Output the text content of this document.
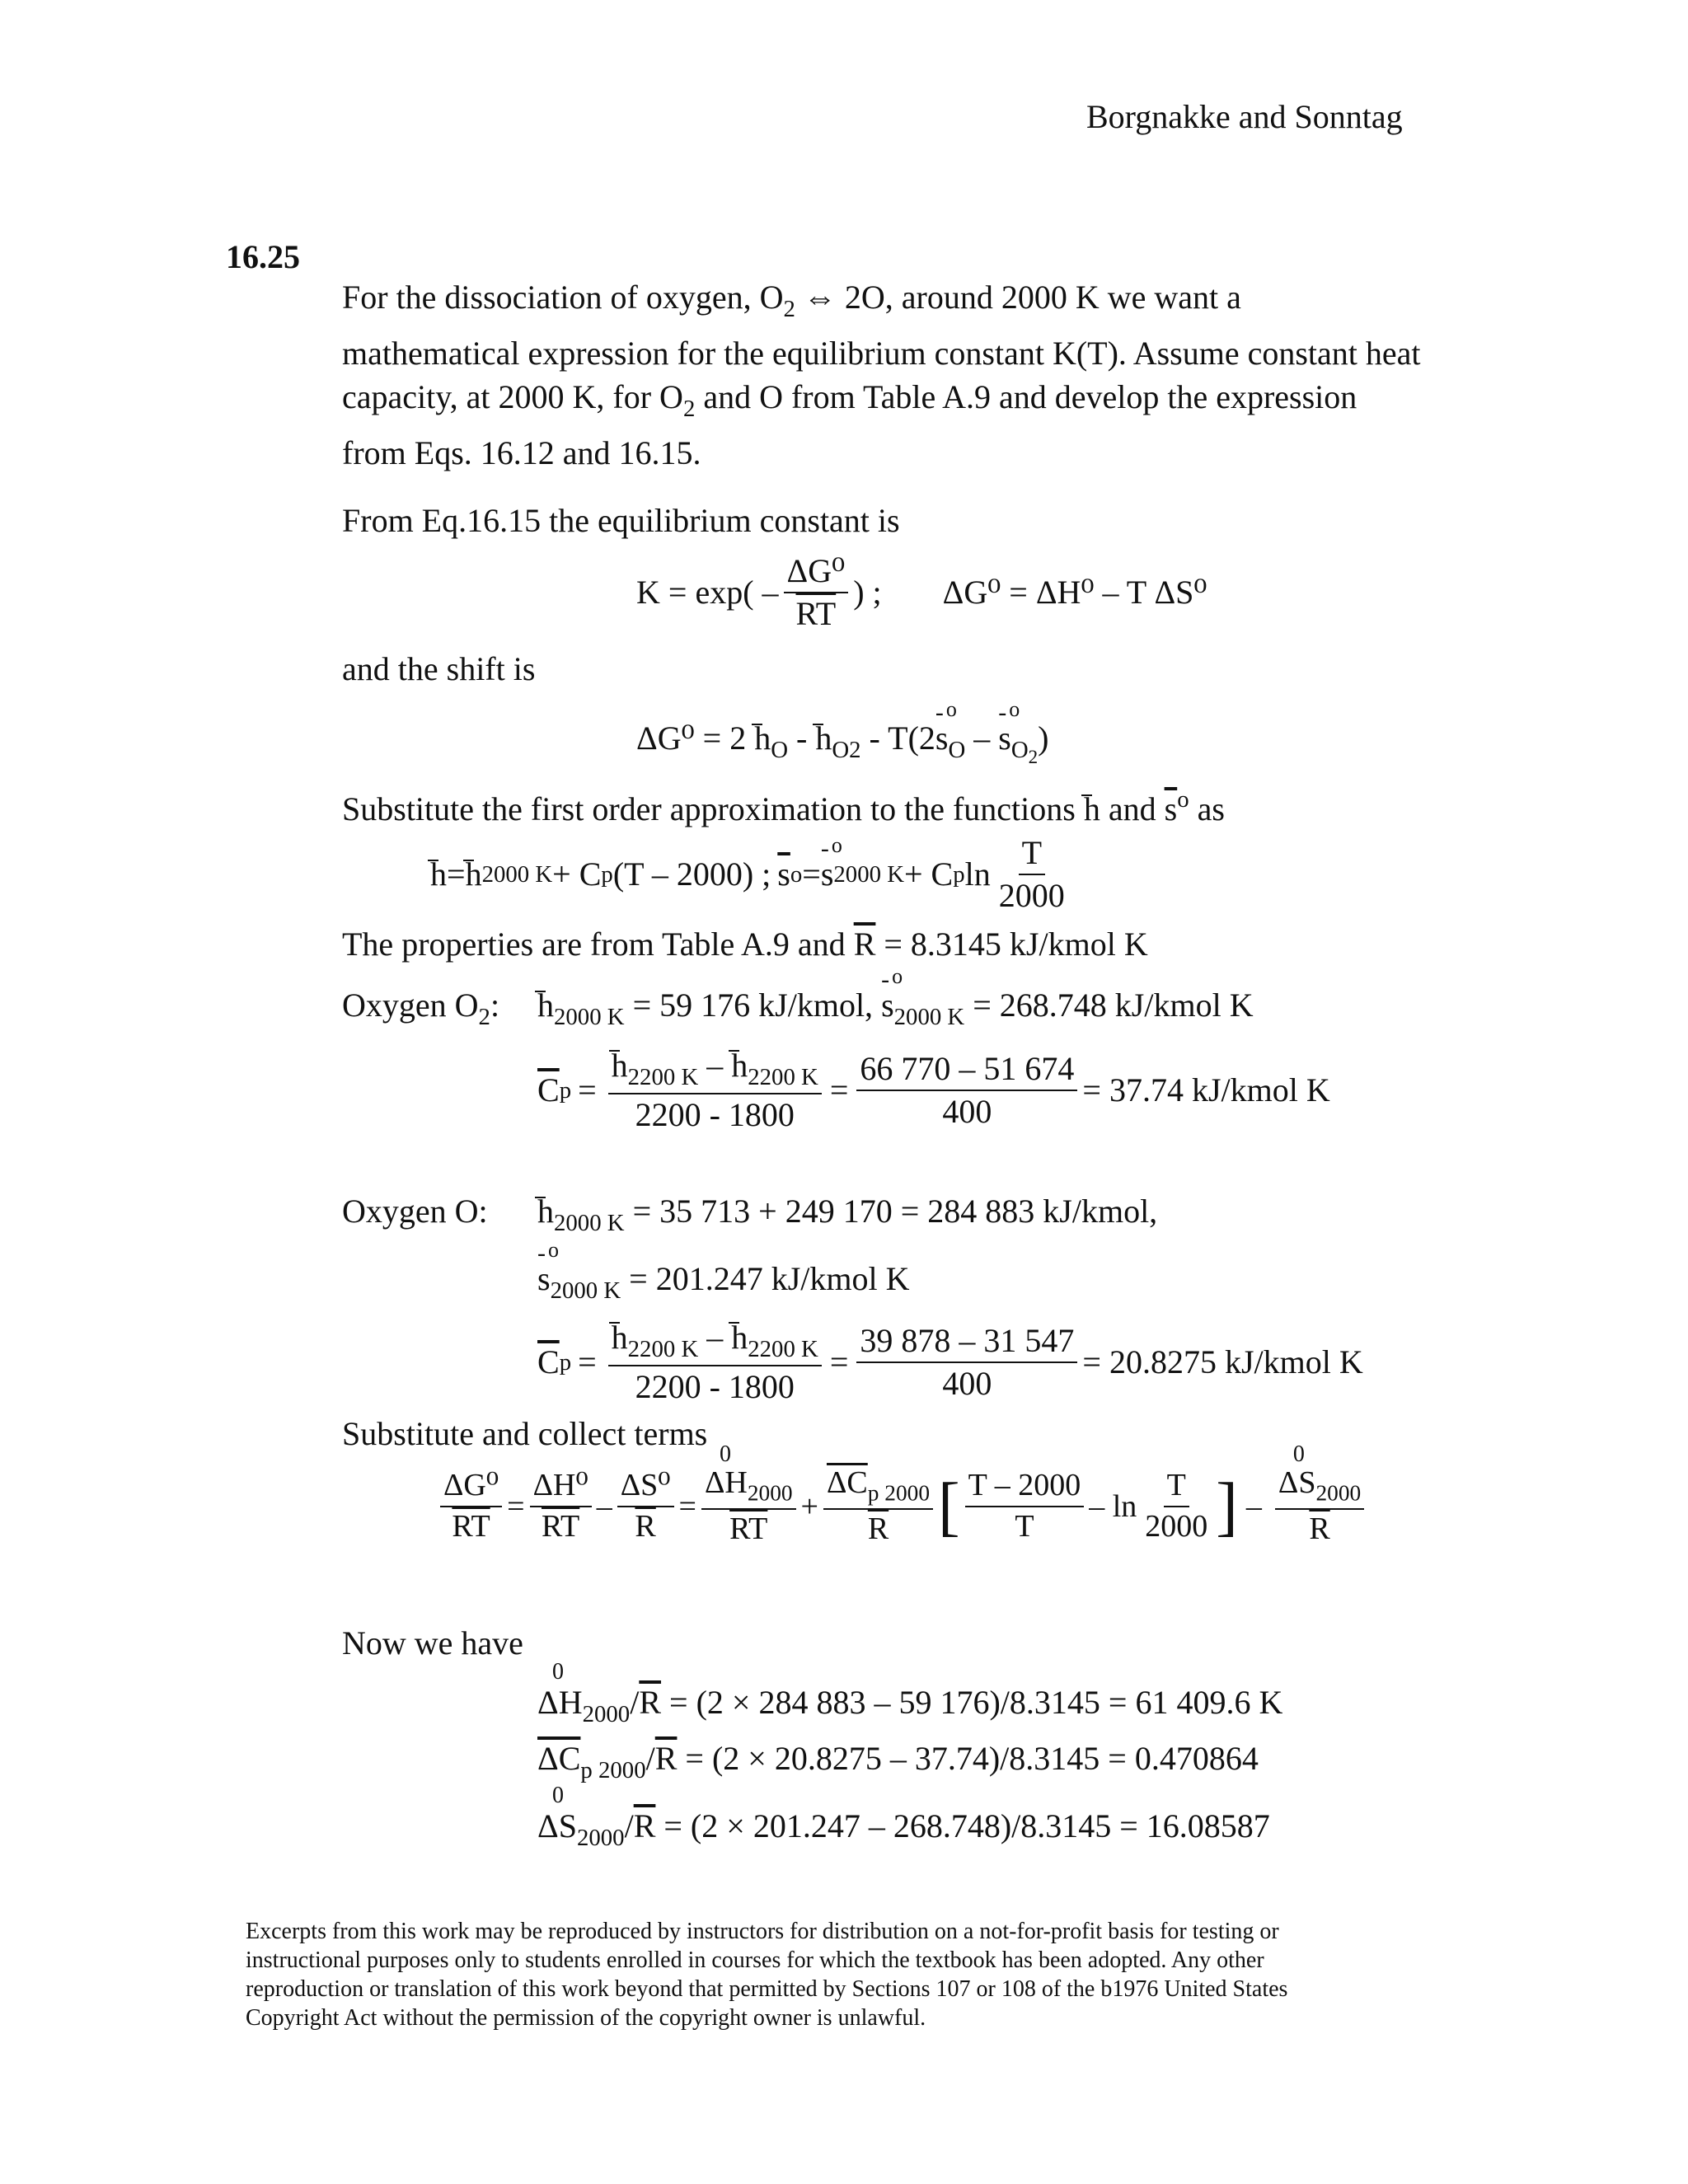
Borgnakke and Sonntag
16.25
For the dissociation of oxygen, $O_2$ ⇔ 2O, around 2000 K we want a
mathematical expression for the equilibrium constant K(T). Assume constant heat
capacity, at 2000 K, for $O_2$ and O from Table A.9 and develop the expression
from Eqs. 16.12 and 16.15.
From Eq.16.15 the equilibrium constant is
$K = \exp( - \frac{\text{ΔG⁰}}{RT}$ ) ; ΔG⁰ = ΔH⁰ – T ΔS⁰
and the shift is
ΔG⁰ = 2 $h_O - h_{O2} - T(2-$ s $o_O$ – - s $o_{O_2}$)
Substitute the first order approximation to the functions h and $\overline{s}^o$ as
h = h 2000 K + C p (T – 2000) ; $\overline{s}$ o = - s o 2000 K + C p $\ln \frac{T}{2000}$
The properties are from Table A.9 and $\overline{R} = 8.3145$ kJ/kmol K
Oxygen $O_2$: $h_{2000 K} = 59$ 176 kJ/kmol, - s $o_{2000 K} = 268.748$ kJ/kmol K
$\overline{C}$ $p = \frac{h_{2200 K} - h_{2200 K}}{2200 - 1800} = \frac{66 770 - 51 674}{400} = 37.74$ kJ/kmol K
Oxygen O: $h_{2000 K} = 35$ 713 + 249 170 = 284 883 kJ/kmol,
- s $o_{2000 K} = 201.247$ kJ/kmol K
$\overline{C}$ $p = \frac{h_{2200 K} - h_{2200 K}}{2200 - 1800} = \frac{39 878 - 31 547}{400} = 20.8275$ kJ/kmol K
Substitute and collect terms
$\frac{\text{ΔG⁰}}{RT} = \frac{\text{ΔH⁰}}{RT} - \frac{\text{ΔS⁰}}{R} = \Delta H$
0
$_{2000}$
RT + $\frac{\overline{\Delta C}_{p 2000}}{R}$ [ $\frac{T - 2000}{T}$ – $\ln \frac{T}{2000}$ ] – ΔS
0
$_{2000}$
R
Now we have
ΔH
0
$_{2000}/\overline{R} = (2 \times 284$ 883 – 59 176)/8.3145 = 61 409.6 K
$\overline{\Delta C}_{p 2000}/\overline{R} = (2 \times 20.8275 - 37.74)/8.3145 = 0.470864$
ΔS
0
$_{2000}/\overline{R} = (2 \times 201.247 - 268.748)/8.3145 = 16.08587$
Excerpts from this work may be reproduced by instructors for distribution on a not-for-profit basis for testing or
instructional purposes only to students enrolled in courses for which the textbook has been adopted. Any other
reproduction or translation of this work beyond that permitted by Sections 107 or 108 of the b1976 United States
Copyright Act without the permission of the copyright owner is unlawful.
